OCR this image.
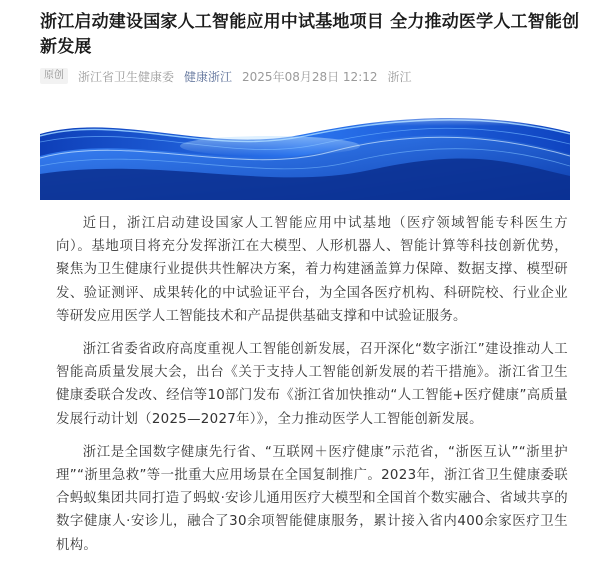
浙江启动建设国家人工智能应用中试基地项目 全力推动医学人工智能创新发展
原创	浙江省卫生健康委 健康浙江 2025年08月28日 12:12 浙江

近日，浙江启动建设国家人工智能应用中试基地（医疗领域智能专科医生方向）。基地项目将充分发挥浙江在大模型、人形机器人、智能计算等科技创新优势，聚焦为卫生健康行业提供共性解决方案，着力构建涵盖算力保障、数据支撑、模型研发、验证测评、成果转化的中试验证平台，为全国各医疗机构、科研院校、行业企业等研发应用医学人工智能技术和产品提供基础支撑和中试验证服务。

浙江省委省政府高度重视人工智能创新发展，召开深化“数字浙江”建设推动人工智能高质量发展大会，出台《关于支持人工智能创新发展的若干措施》。浙江省卫生健康委联合发改、经信等10部门发布《浙江省加快推动“人工智能+医疗健康”高质量发展行动计划（2025—2027年）》，全力推动医学人工智能创新发展。

浙江是全国数字健康先行省、“互联网＋医疗健康”示范省，“浙医互认”“浙里护理”“浙里急救”等一批重大应用场景在全国复制推广。2023年，浙江省卫生健康委联合蚂蚁集团共同打造了蚂蚁·安诊儿通用医疗大模型和全国首个数实融合、省域共享的数字健康人·安诊儿，融合了30余项智能健康服务，累计接入省内400余家医疗卫生机构。
